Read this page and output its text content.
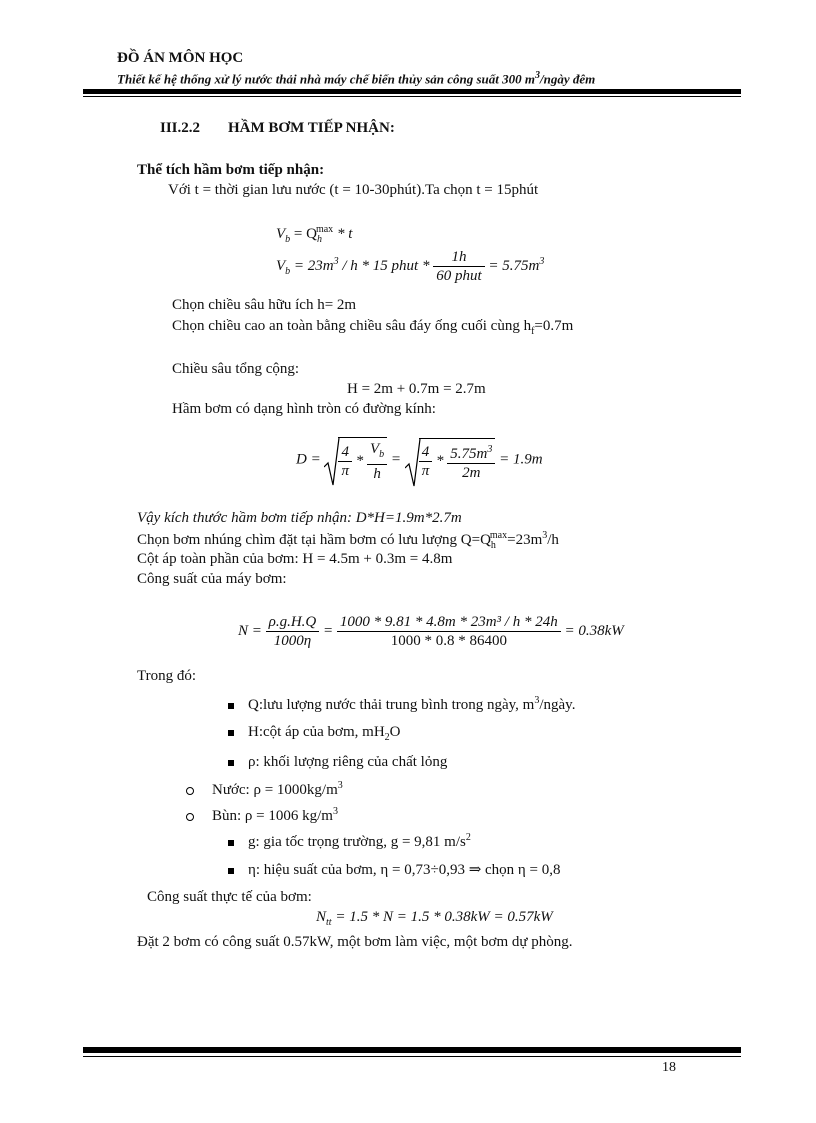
ĐỒ ÁN MÔN HỌC
Thiết kế hệ thống xử lý nước thải nhà máy chế biến thủy sản công suất 300 $m^3$/ngày đêm
III.2.2 HẦM BƠM TIẾP NHẬN:
Thể tích hầm bơm tiếp nhận:
Với t = thời gian lưu nước (t = 10-30phút).Ta chọn t = 15phút
$V_b = Q_h^{max} * t$
$V_b = 23m^3 / h * 15$ phut * $\frac{1h}{\text{60 phut}} = 5.75m^3$
Chọn chiều sâu hữu ích h= 2m
Chọn chiều cao an toàn bằng chiều sâu đáy ống cuối cùng $h_f=0.7m$
Chiều sâu tổng cộng:
H = 2m + 0.7m = 2.7m
Hầm bơm có dạng hình tròn có đường kính:
$D = \frac{4}{\pi} * \frac{V_b}{h} = \frac{4}{\pi} * \frac{5.75m^3}{2m} = 1.9m$
Vậy kích thước hầm bơm tiếp nhận: D*H=1.9m*2.7m
Chọn bơm nhúng chìm đặt tại hầm bơm có lưu lượng $Q=Q_h^{max}=23m^3/h$
Cột áp toàn phần của bơm: H = 4.5m + 0.3m = 4.8m
Công suất của máy bơm:
$N = \frac{\rho.g.H.Q}{1000\eta} = \frac{\text{1000 * 9.81 * 4.8m * 23m³ / h * 24h}}{1000 * 0.8 * 86400} = 0.38kW$
Trong đó:
Q:lưu lượng nước thải trung bình trong ngày, $m^3$/ngày.
H:cột áp của bơm, $mH_2O$
ρ: khối lượng riêng của chất lỏng
Nước: $\rho = 1000kg/m^3$
Bùn: ρ = 1006 $kg/m^3$
g: gia tốc trọng trường, g = 9,81 $m/s^2$
η: hiệu suất của bơm, η = 0,73÷0,93 ⇒ chọn η = 0,8
Công suất thực tế của bơm:
$N_{tt} = 1.5 * N = 1.5 * 0.38kW = 0.57kW$
Đặt 2 bơm có công suất 0.57kW, một bơm làm việc, một bơm dự phòng.
18
